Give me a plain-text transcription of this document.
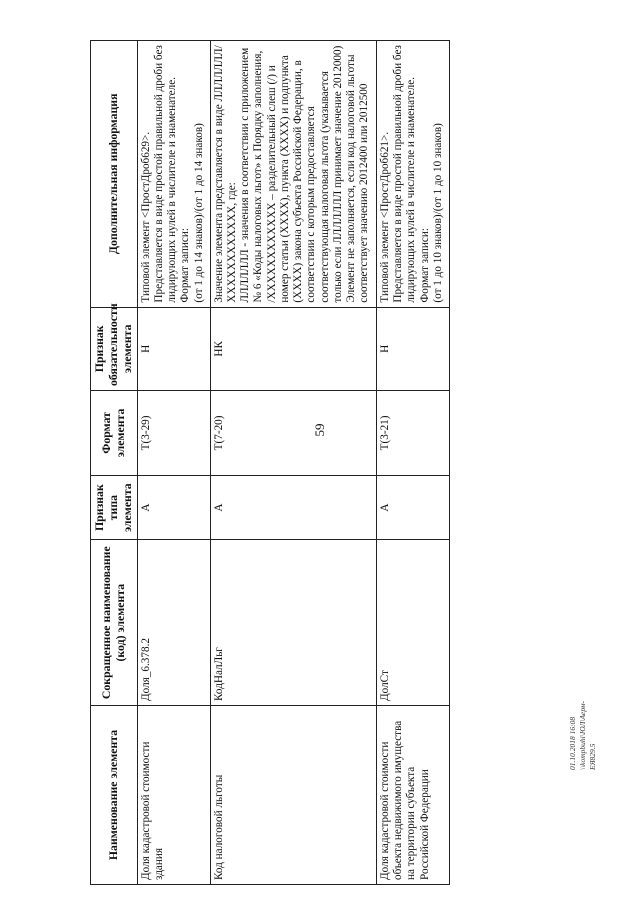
59
Наименование элемента	Сокращенное наименование (код) элемента	Признак типа элемента	Формат элемента	Признак обязательности элемента	Дополнительная информация
Доля кадастровой стоимости здания	Доля_6.378.2	А	Т(3-29)	Н	Типовой элемент <ПростДроб629>. Представляется в виде простой правильной дроби без лидирующих нулей в числителе и знаменателе. Формат записи: (от 1 до 14 знаков)/(от 1 до 14 знаков)

Код налоговой льготы	КодНалЛьг	А	Т(7-20)	НК	Значение элемента представляется в виде ЛЛЛЛЛЛЛ/ХХХХХХХХХХХХ, где: ЛЛЛЛЛЛЛ - значения в соответствии с приложением № 6 «Коды налоговых льгот» к Порядку заполнения, /ХХХХХХХХХХХХ – разделительный слеш (/) и номер статьи (ХХХХ), пункта (ХХХХ) и подпункта (ХХХХ) закона субъекта Российской Федерации, в соответствии с которым предоставляется соответствующая налоговая льгота (указывается только если ЛЛЛЛЛЛЛ принимает значение 2012000) Элемент не заполняется, если код налоговой льготы соответствует значению 2012400 или 2012500

Доля кадастровой стоимости объекта недвижимого имущества на территории субъекта Российской Федерации	ДолСт	А	Т(3-21)	Н	Типовой элемент <ПростДроб621>. Представляется в виде простой правильной дроби без лидирующих нулей в числителе и знаменателе. Формат записи: (от 1 до 10 знаков)/(от 1 до 10 знаков)
01.10.2018 16:08 \\kompbuhi\ЮЛ\Аерм-ЕЯ829.5
